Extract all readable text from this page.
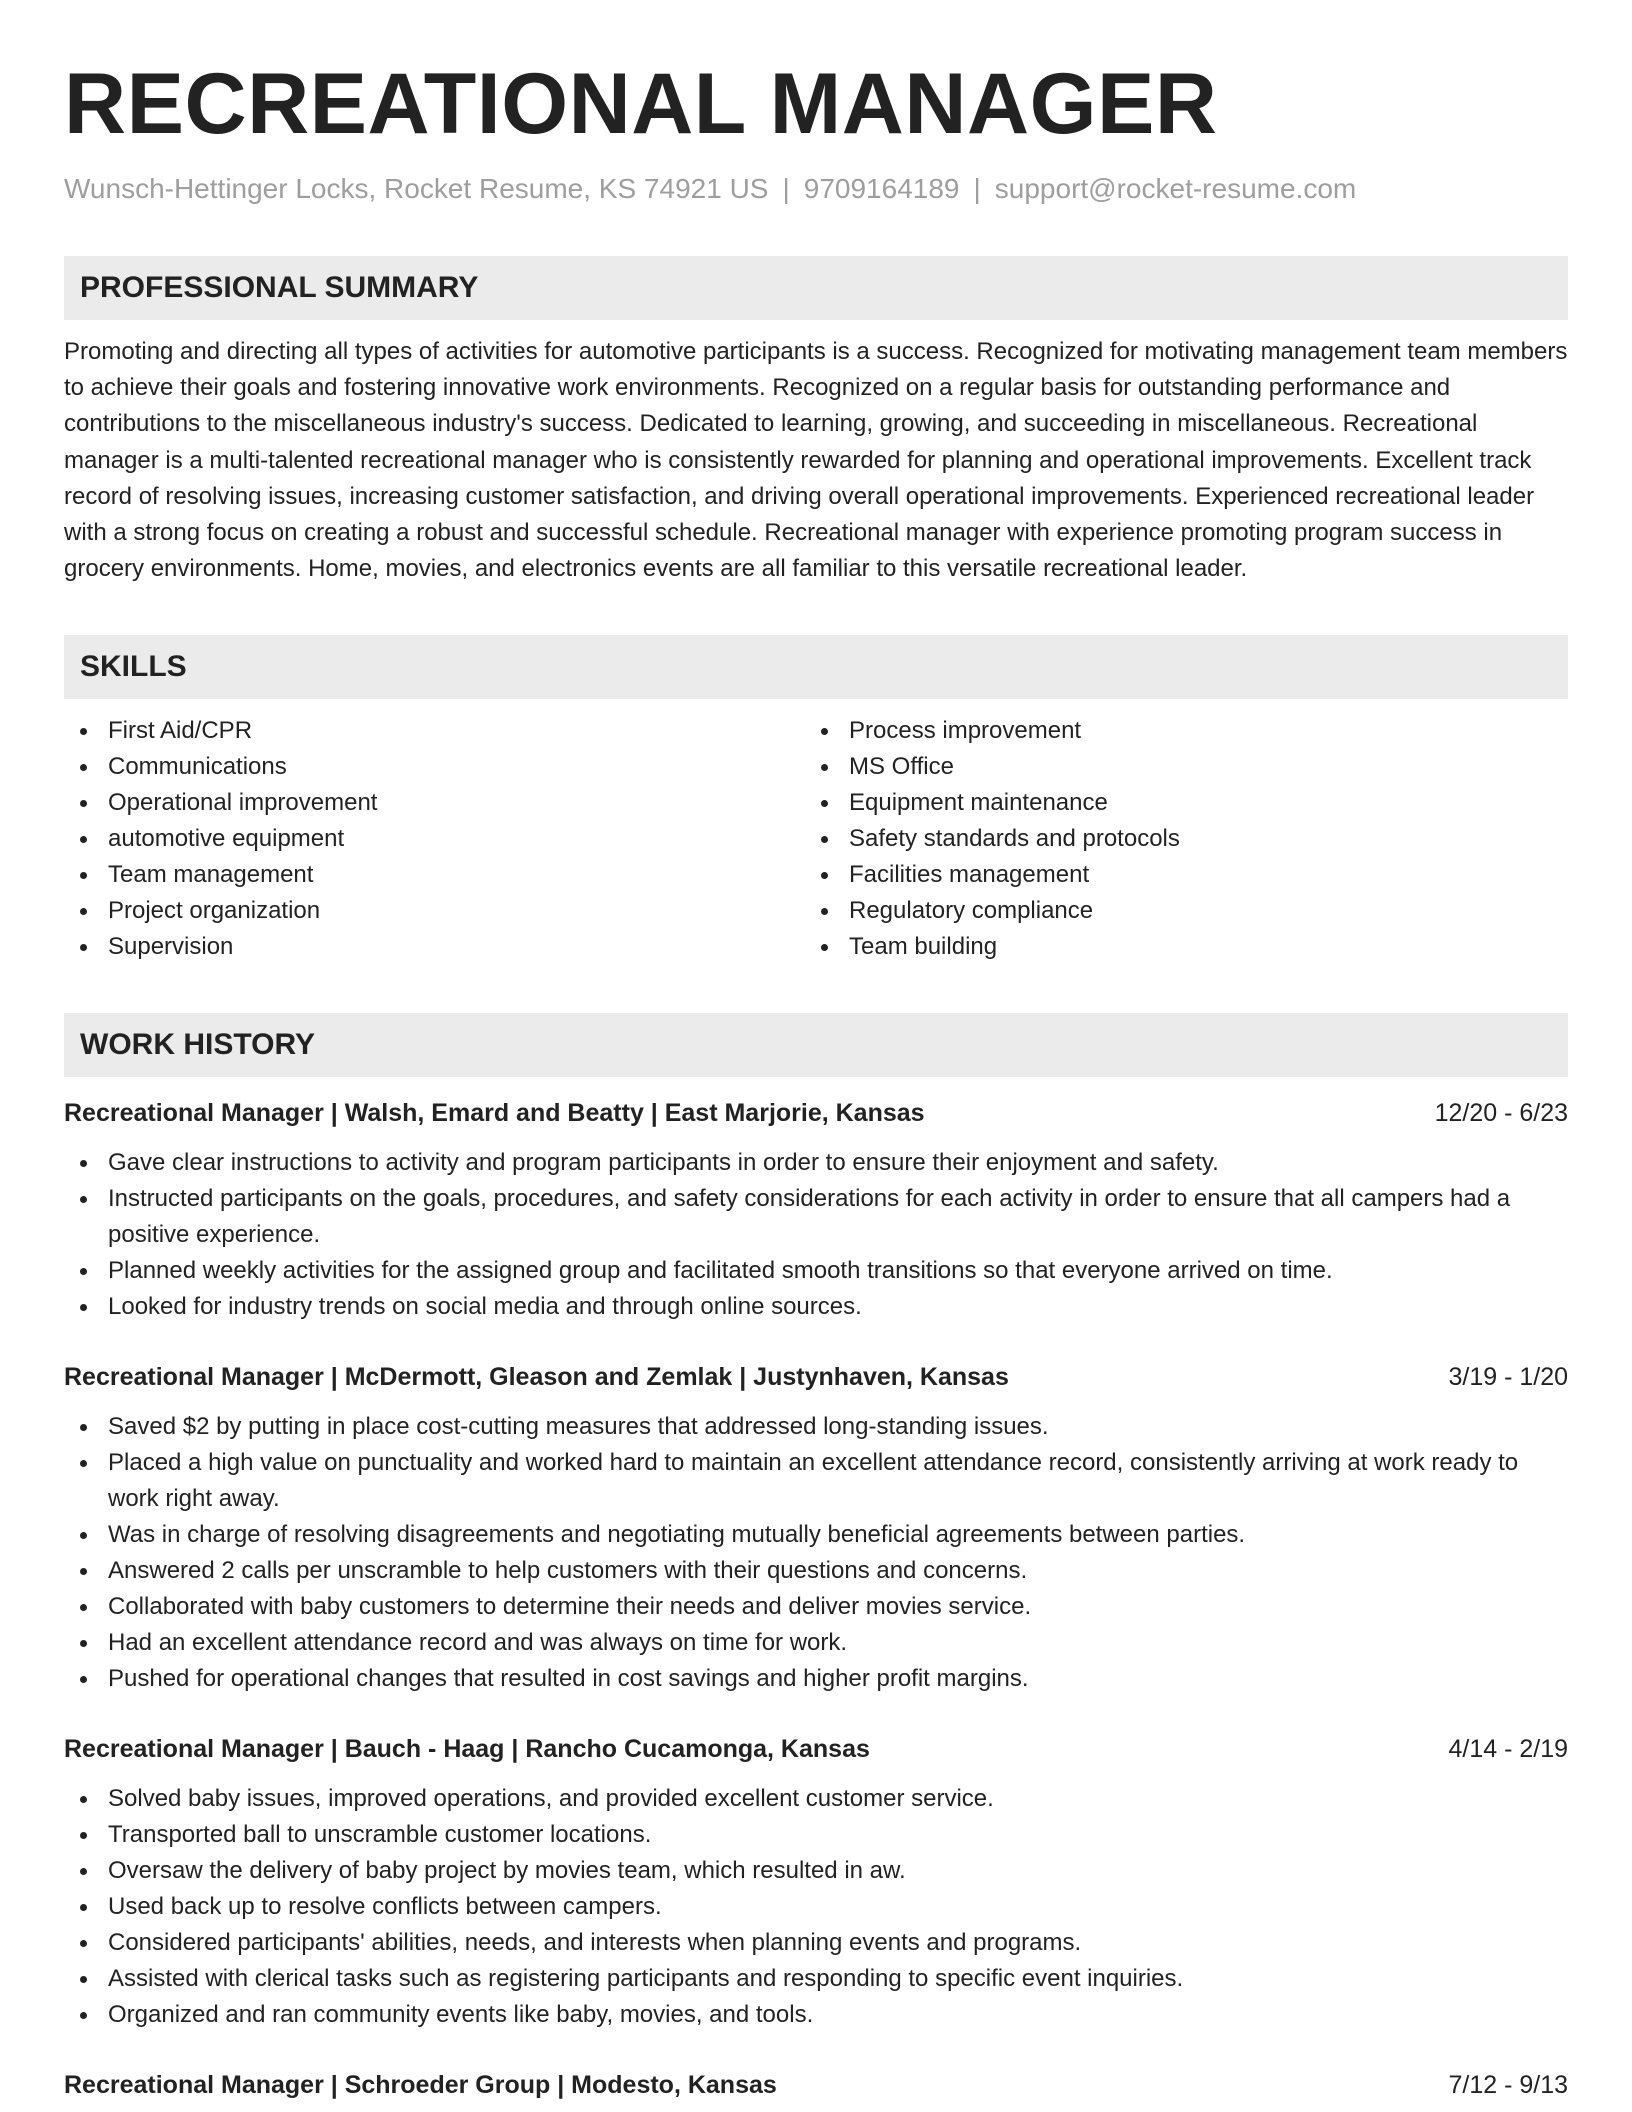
RECREATIONAL MANAGER
Wunsch-Hettinger Locks, Rocket Resume, KS 74921 US | 9709164189 | support@rocket-resume.com
PROFESSIONAL SUMMARY
Promoting and directing all types of activities for automotive participants is a success. Recognized for motivating management team members to achieve their goals and fostering innovative work environments. Recognized on a regular basis for outstanding performance and contributions to the miscellaneous industry's success. Dedicated to learning, growing, and succeeding in miscellaneous. Recreational manager is a multi-talented recreational manager who is consistently rewarded for planning and operational improvements. Excellent track record of resolving issues, increasing customer satisfaction, and driving overall operational improvements. Experienced recreational leader with a strong focus on creating a robust and successful schedule. Recreational manager with experience promoting program success in grocery environments. Home, movies, and electronics events are all familiar to this versatile recreational leader.
SKILLS
First Aid/CPR
Communications
Operational improvement
automotive equipment
Team management
Project organization
Supervision
Process improvement
MS Office
Equipment maintenance
Safety standards and protocols
Facilities management
Regulatory compliance
Team building
WORK HISTORY
Recreational Manager | Walsh, Emard and Beatty | East Marjorie, Kansas	12/20 - 6/23
Gave clear instructions to activity and program participants in order to ensure their enjoyment and safety.
Instructed participants on the goals, procedures, and safety considerations for each activity in order to ensure that all campers had a positive experience.
Planned weekly activities for the assigned group and facilitated smooth transitions so that everyone arrived on time.
Looked for industry trends on social media and through online sources.
Recreational Manager | McDermott, Gleason and Zemlak | Justynhaven, Kansas	3/19 - 1/20
Saved $2 by putting in place cost-cutting measures that addressed long-standing issues.
Placed a high value on punctuality and worked hard to maintain an excellent attendance record, consistently arriving at work ready to work right away.
Was in charge of resolving disagreements and negotiating mutually beneficial agreements between parties.
Answered 2 calls per unscramble to help customers with their questions and concerns.
Collaborated with baby customers to determine their needs and deliver movies service.
Had an excellent attendance record and was always on time for work.
Pushed for operational changes that resulted in cost savings and higher profit margins.
Recreational Manager | Bauch - Haag | Rancho Cucamonga, Kansas	4/14 - 2/19
Solved baby issues, improved operations, and provided excellent customer service.
Transported ball to unscramble customer locations.
Oversaw the delivery of baby project by movies team, which resulted in aw.
Used back up to resolve conflicts between campers.
Considered participants' abilities, needs, and interests when planning events and programs.
Assisted with clerical tasks such as registering participants and responding to specific event inquiries.
Organized and ran community events like baby, movies, and tools.
Recreational Manager | Schroeder Group | Modesto, Kansas	7/12 - 9/13
